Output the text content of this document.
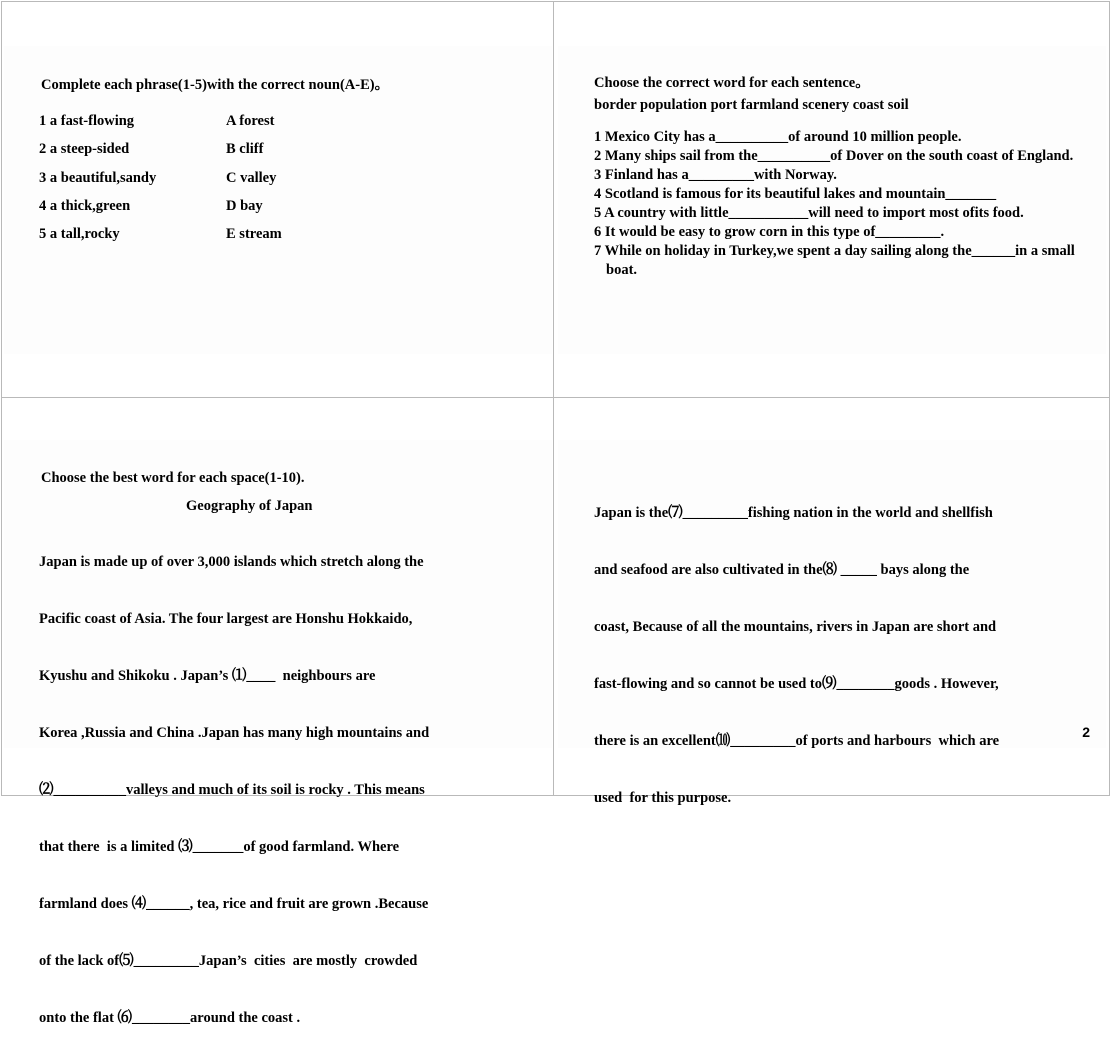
Complete each phrase(1-5)with the correct noun(A-E)。
1 a fast-flowing	A forest
2 a steep-sided	B cliff
3 a beautiful,sandy	C valley
4 a thick,green	D bay
5 a tall,rocky	E stream
Choose the correct word for each sentence。
border population port farmland scenery coast soil
1 Mexico City has a__________of around 10 million people.
2 Many ships sail from the__________of Dover on the south coast of England.
3 Finland has a_________with Norway.
4 Scotland is famous for its beautiful lakes and mountain_______
5 A country with little___________will need to import most ofits food.
6 It would be easy to grow corn in this type of_________.
7 While on holiday in Turkey,we spent a day sailing along the______in a small boat.
Choose the best word for each space(1-10).
Geography of Japan

Japan is made up of over 3,000 islands which stretch along the

Pacific coast of Asia. The four largest are Honshu Hokkaido,

Kyushu and Shikoku . Japan’s ⑴____  neighbours are

Korea ,Russia and China .Japan has many high mountains and

⑵__________valleys and much of its soil is rocky . This means

that there  is a limited ⑶_______of good farmland. Where

farmland does ⑷______, tea, rice and fruit are grown .Because

of the lack of⑸_________Japan’s  cities  are mostly  crowded

onto the flat ⑹________around the coast .

Japan is the⑺_________fishing nation in the world and shellfish

and seafood are also cultivated in the⑻ _____ bays along the

coast, Because of all the mountains, rivers in Japan are short and

fast-flowing and so cannot be used to⑼________goods . However,

there is an excellent⑽_________of ports and harbours  which are

used  for this purpose.

2
